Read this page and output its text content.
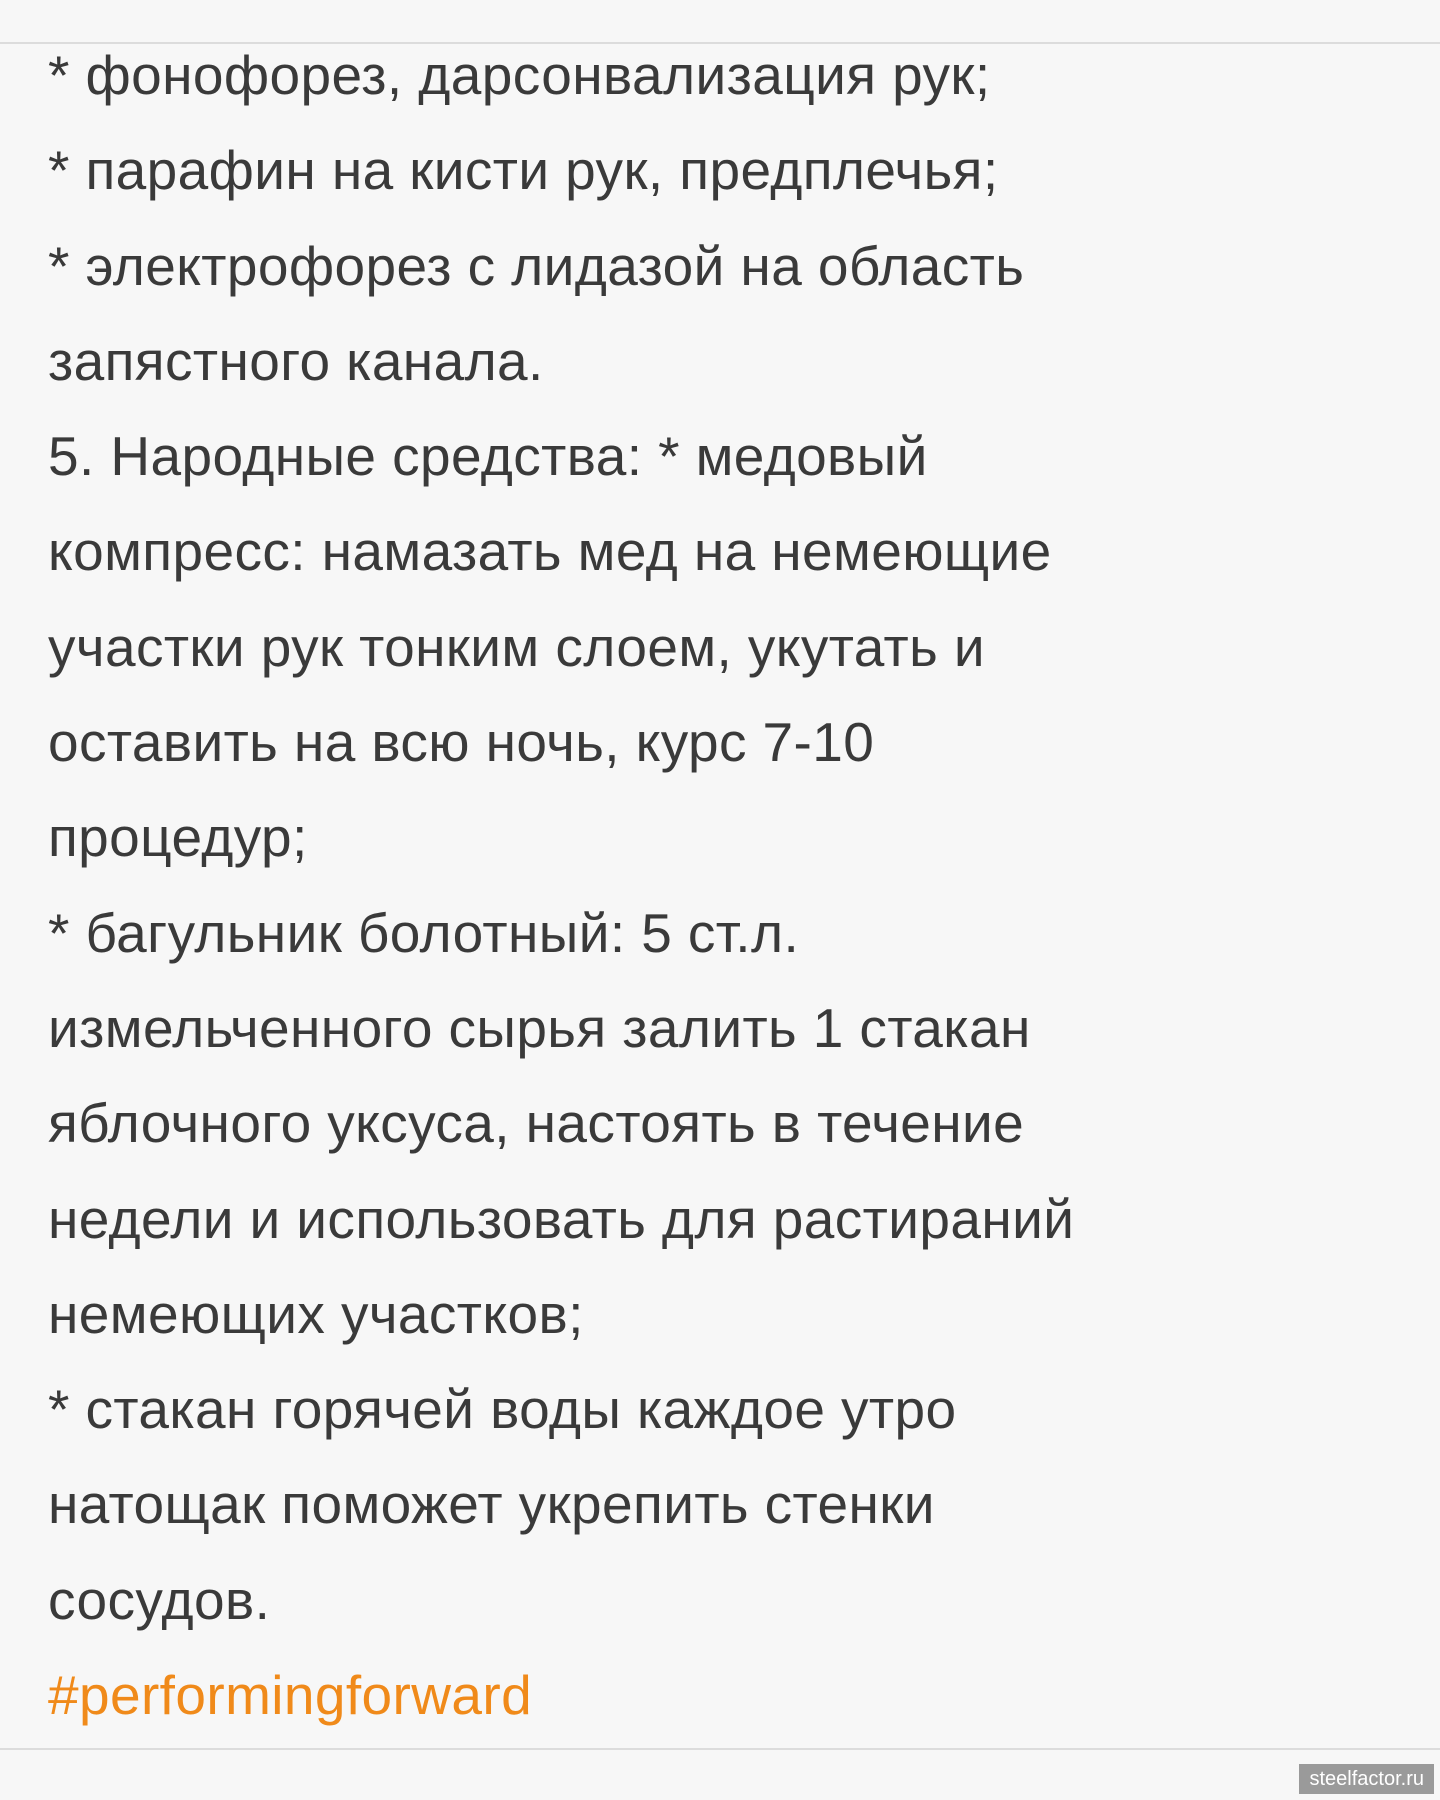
* фонофорез, дарсонвализация рук;
* парафин на кисти рук, предплечья;
* электрофорез с лидазой на область
запястного канала.
5. Народные средства: * медовый
компресс: намазать мед на немеющие
участки рук тонким слоем, укутать и
оставить на всю ночь, курс 7-10
процедур;
* багульник болотный: 5 ст.л.
измельченного сырья залить 1 стакан
яблочного уксуса, настоять в течение
недели и использовать для растираний
немеющих участков;
* стакан горячей воды каждое утро
натощак поможет укрепить стенки
сосудов.
#performingforward
steelfactor.ru
